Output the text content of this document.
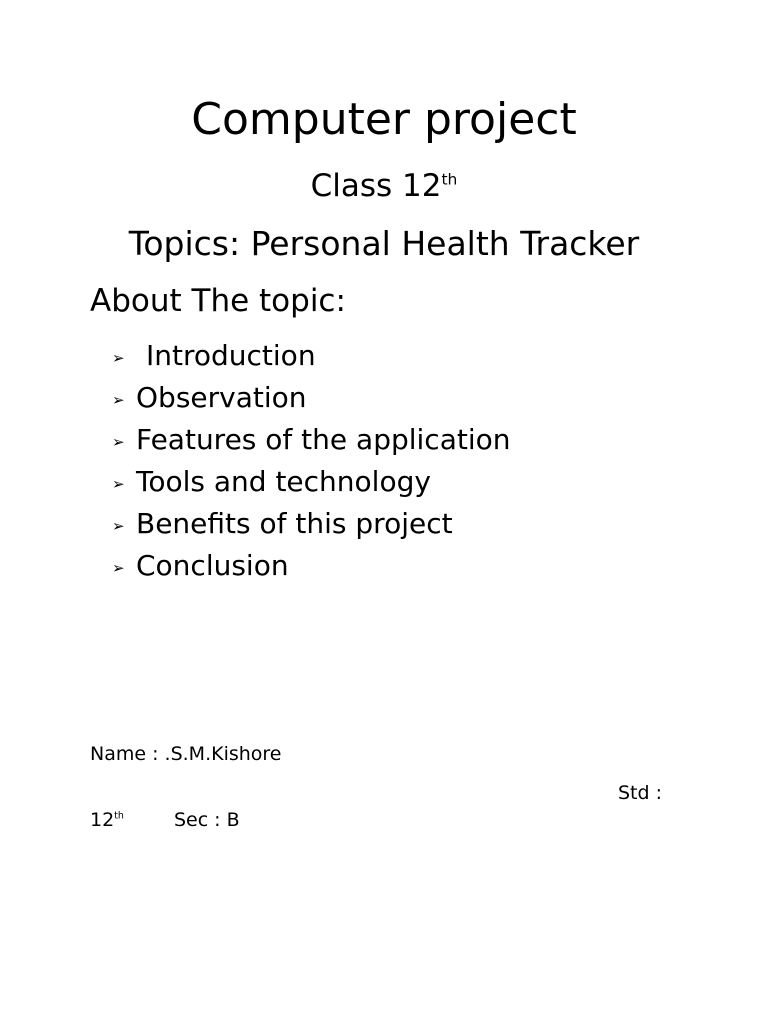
Computer project
Class 12th
Topics: Personal Health Tracker
About The topic:
➢ Introduction
➢ Observation
➢ Features of the application
➢ Tools and technology
➢ Benefits of this project
➢ Conclusion
Name : .S.M.Kishore
Std :
12th	Sec : B
